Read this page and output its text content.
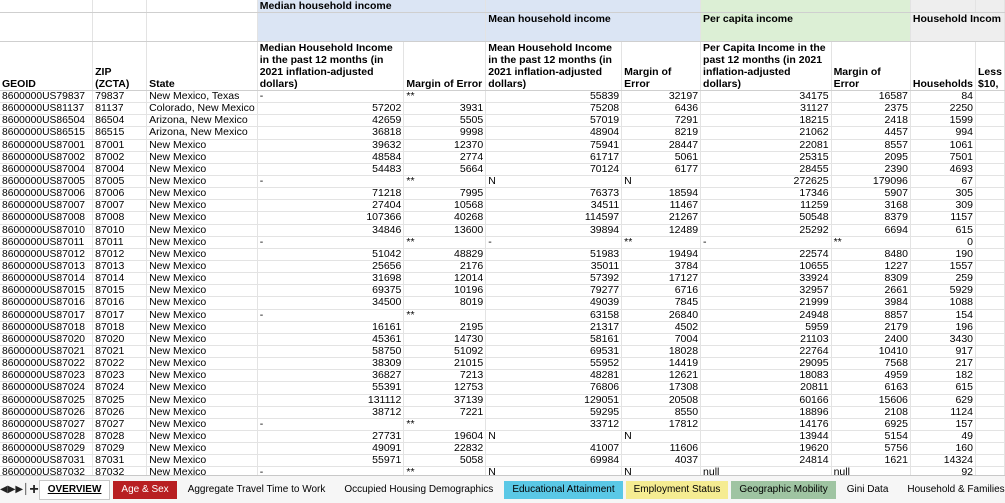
			Median household income							
					Mean household income		Per capita income		Household Incom	
GEOID	ZIP (ZCTA)	State	Median Household Income in the past 12 months (in 2021 inflation-adjusted dollars)	Margin of Error	Mean Household Income in the past 12 months (in 2021 inflation-adjusted dollars)	Margin of Error	Per Capita Income in the past 12 months (in 2021 inflation-adjusted dollars)	Margin of Error	Households	Less $10,
8600000US79837	79837	New Mexico, Texas	-	**	55839	32197	34175	16587	84	
8600000US81137	81137	Colorado, New Mexico	57202	3931	75208	6436	31127	2375	2250	
8600000US86504	86504	Arizona, New Mexico	42659	5505	57019	7291	18215	2418	1599	
8600000US86515	86515	Arizona, New Mexico	36818	9998	48904	8219	21062	4457	994	
8600000US87001	87001	New Mexico	39632	12370	75941	28447	22081	8557	1061	
8600000US87002	87002	New Mexico	48584	2774	61717	5061	25315	2095	7501	
8600000US87004	87004	New Mexico	54483	5664	70124	6177	28455	2390	4693	
8600000US87005	87005	New Mexico	-	**	N	N	272625	179096	67	
8600000US87006	87006	New Mexico	71218	7995	76373	18594	17346	5907	305	
8600000US87007	87007	New Mexico	27404	10568	34511	11467	11259	3168	309	
8600000US87008	87008	New Mexico	107366	40268	114597	21267	50548	8379	1157	
8600000US87010	87010	New Mexico	34846	13600	39894	12489	25292	6694	615	
8600000US87011	87011	New Mexico	-	**	-	**	-	**	0	
8600000US87012	87012	New Mexico	51042	48829	51983	19494	22574	8480	190	
8600000US87013	87013	New Mexico	25656	2176	35011	3784	10655	1227	1557	
8600000US87014	87014	New Mexico	31698	12014	57392	17127	33924	8309	259	
8600000US87015	87015	New Mexico	69375	10196	79277	6716	32957	2661	5929	
8600000US87016	87016	New Mexico	34500	8019	49039	7845	21999	3984	1088	
8600000US87017	87017	New Mexico	-	**	63158	26840	24948	8857	154	
8600000US87018	87018	New Mexico	16161	2195	21317	4502	5959	2179	196	
8600000US87020	87020	New Mexico	45361	14730	58161	7004	21103	2400	3430	
8600000US87021	87021	New Mexico	58750	51092	69531	18028	22764	10410	917	
8600000US87022	87022	New Mexico	38309	21015	55952	14419	29095	7568	217	
8600000US87023	87023	New Mexico	36827	7213	48281	12621	18083	4959	182	
8600000US87024	87024	New Mexico	55391	12753	76806	17308	20811	6163	615	
8600000US87025	87025	New Mexico	131112	37139	129051	20508	60166	15606	629	
8600000US87026	87026	New Mexico	38712	7221	59295	8550	18896	2108	1124	
8600000US87027	87027	New Mexico	-	**	33712	17812	14176	6925	157	
8600000US87028	87028	New Mexico	27731	19604	N	N	13944	5154	49	
8600000US87029	87029	New Mexico	49091	22832	41007	11606	19620	5756	160	
8600000US87031	87031	New Mexico	55971	5058	69984	4037	24814	1621	14324	
8600000US87032	87032	New Mexico	-	**	N	N	null	null	92	

◀ ▶ ▶│ + OVERVIEW	Age & Sex	Aggregate Travel Time to Work	Occupied Housing Demographics	Educational Attainment	Employment Status	Geographic Mobility	Gini Data	Household & Families
